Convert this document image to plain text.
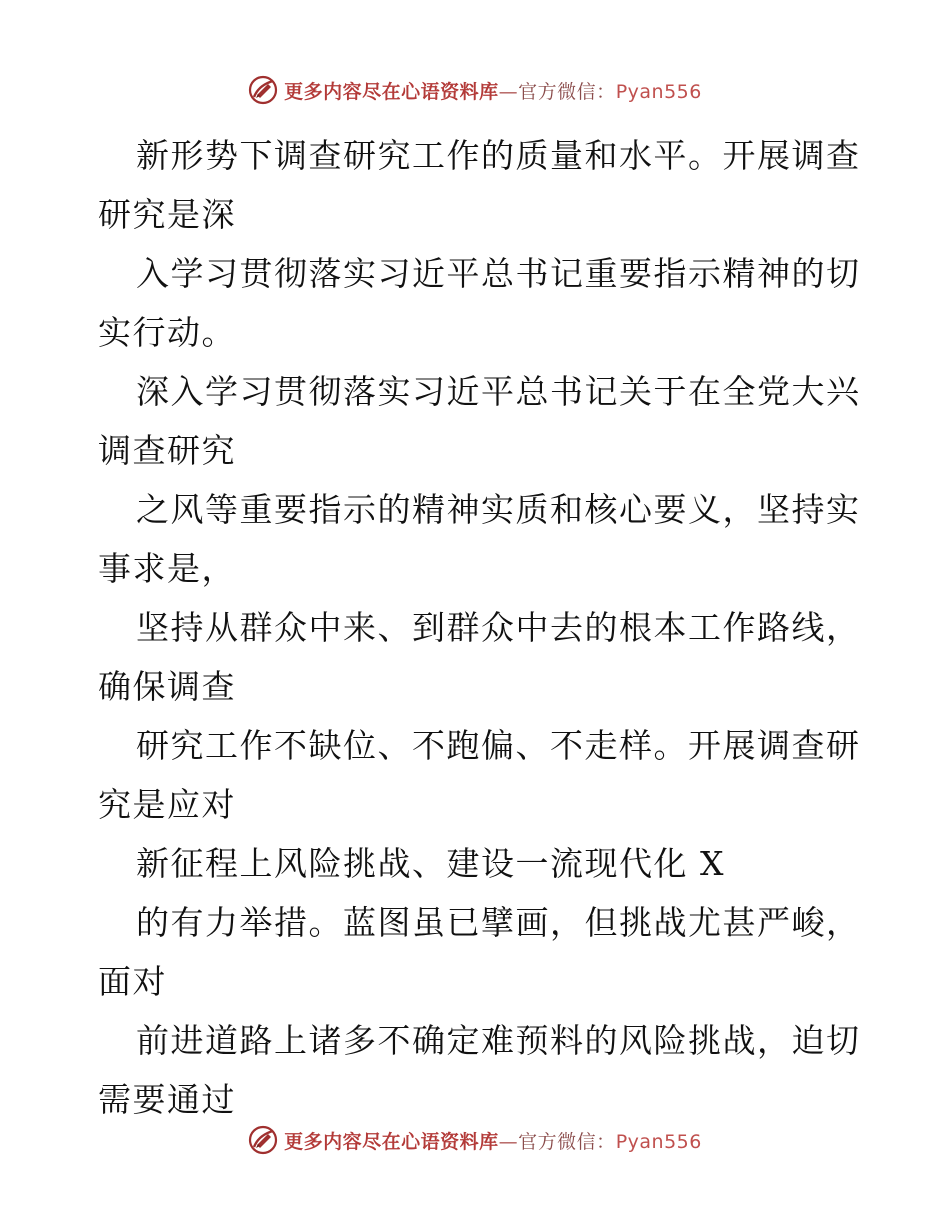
更多内容尽在心语资料库—官方微信：Pyan556
新形势下调查研究工作的质量和水平。开展调查
研究是深
入学习贯彻落实习近平总书记重要指示精神的切
实行动。
深入学习贯彻落实习近平总书记关于在全党大兴
调查研究
之风等重要指示的精神实质和核心要义，坚持实
事求是，
坚持从群众中来、到群众中去的根本工作路线，
确保调查
研究工作不缺位、不跑偏、不走样。开展调查研
究是应对
新征程上风险挑战、建设一流现代化 X
的有力举措。蓝图虽已擘画，但挑战尤甚严峻，
面对
前进道路上诸多不确定难预料的风险挑战，迫切
需要通过
更多内容尽在心语资料库—官方微信：Pyan556
